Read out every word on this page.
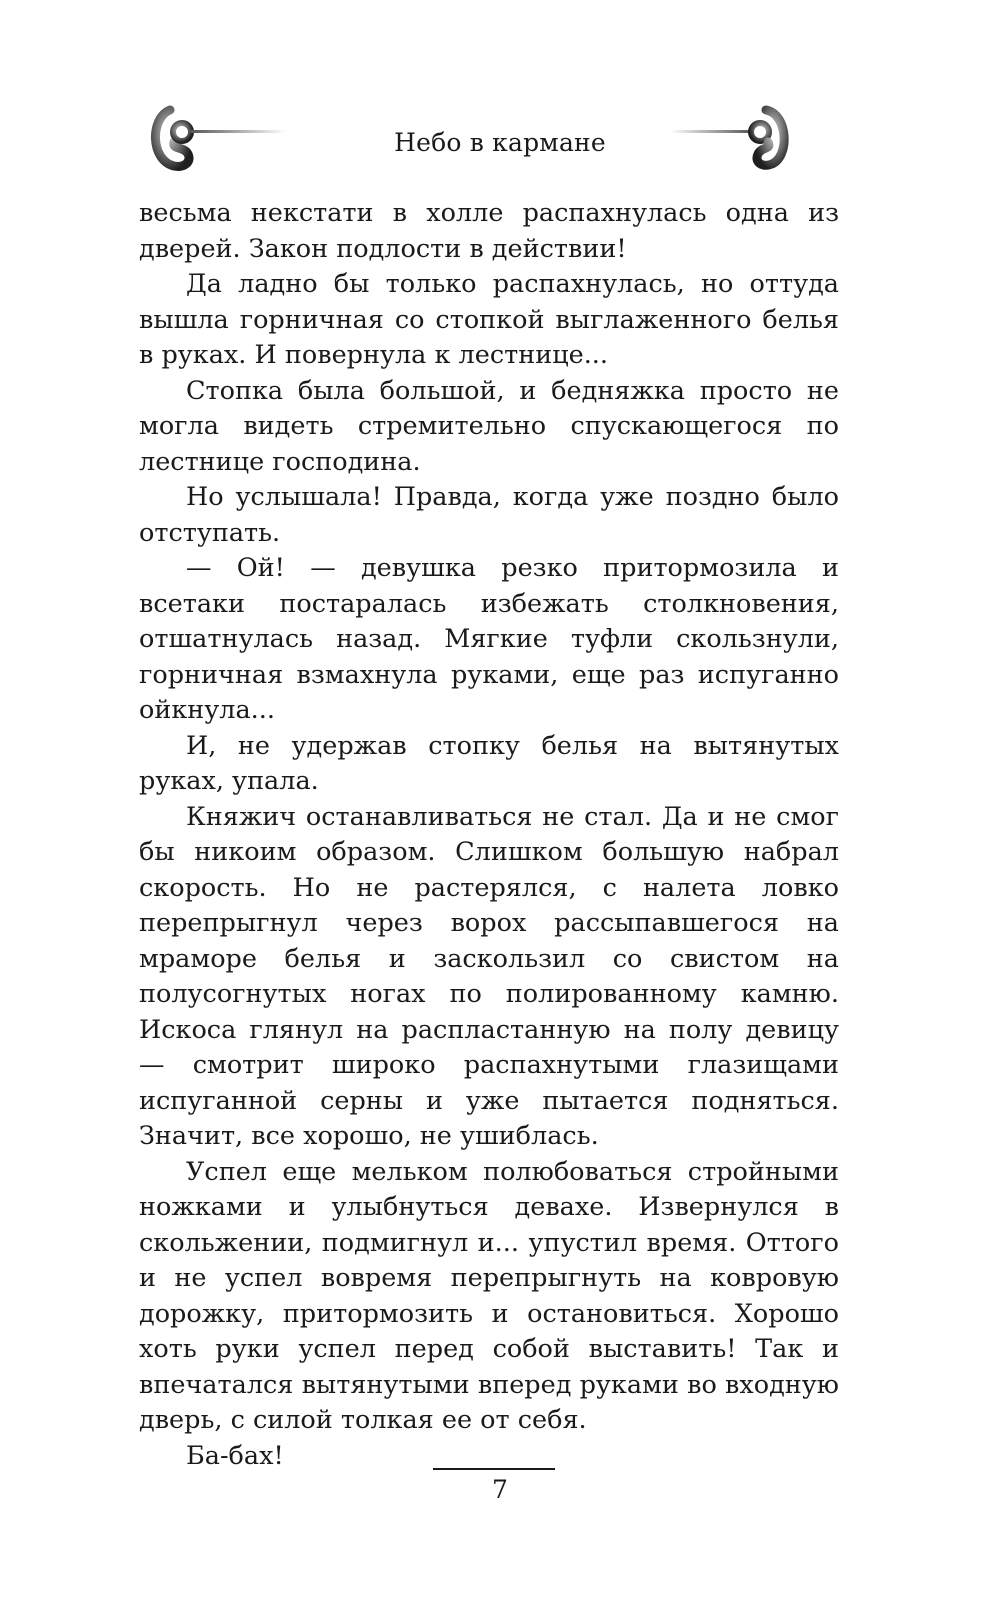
Небо в кармане

весьма некстати в холле распахнулась одна из дверей. Закон подлости в действии!

Да ладно бы только распахнулась, но оттуда вышла горничная со стопкой выглаженного белья в руках. И повернула к лестнице...

Стопка была большой, и бедняжка просто не могла видеть стремительно спускающегося по лестнице господина.

Но услышала! Правда, когда уже поздно было отступать.

— Ой! — девушка резко притормозила и всетаки постаралась избежать столкновения, отшатнулась назад. Мягкие туфли скользнули, горничная взмахнула руками, еще раз испуганно ойкнула...

И, не удержав стопку белья на вытянутых руках, упала.

Княжич останавливаться не стал. Да и не смог бы никоим образом. Слишком большую набрал скорость. Но не растерялся, с налета ловко перепрыгнул через ворох рассыпавшегося на мраморе белья и заскользил со свистом на полусогнутых ногах по полированному камню. Искоса глянул на распластанную на полу девицу — смотрит широко распахнутыми глазищами испуганной серны и уже пытается подняться. Значит, все хорошо, не ушиблась.

Успел еще мельком полюбоваться стройными ножками и улыбнуться девахе. Извернулся в скольжении, подмигнул и... упустил время. Оттого и не успел вовремя перепрыгнуть на ковровую дорожку, притормозить и остановиться. Хорошо хоть руки успел перед собой выставить! Так и впечатался вытянутыми вперед руками во входную дверь, с силой толкая ее от себя.

Ба-бах!

7
